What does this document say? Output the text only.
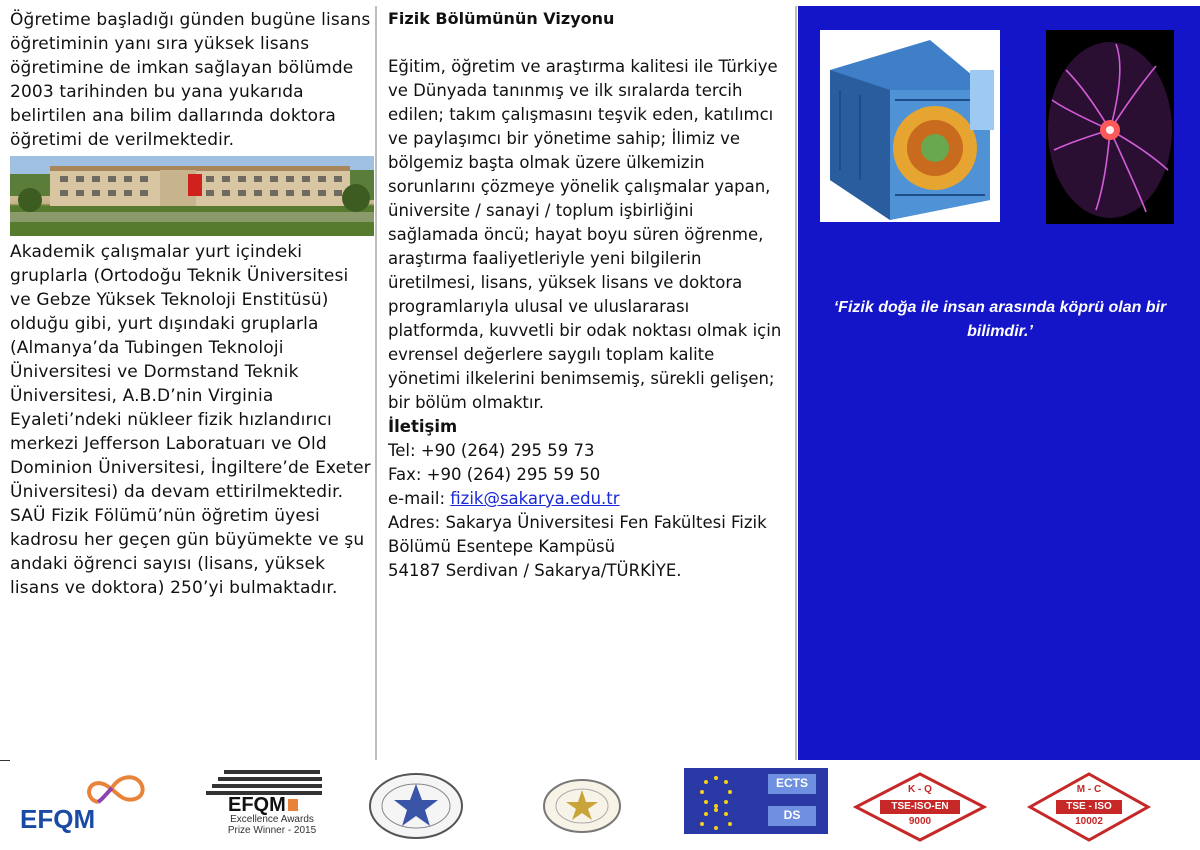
Öğretime başladığı günden bugüne lisans öğretiminin yanı sıra yüksek lisans öğretimine de imkan sağlayan bölümde 2003 tarihinden bu yana yukarıda belirtilen ana bilim dallarında doktora öğretimi de verilmektedir.

Akademik çalışmalar yurt içindeki gruplarla (Ortodoğu Teknik Üniversitesi ve Gebze Yüksek Teknoloji Enstitüsü) olduğu gibi, yurt dışındaki gruplarla (Almanya’da Tubingen Teknoloji Üniversitesi ve Dormstand Teknik Üniversitesi, A.B.D’nin Virginia Eyaleti’ndeki nükleer fizik hızlandırıcı merkezi Jefferson Laboratuarı ve Old Dominion Üniversitesi, İngiltere’de Exeter Üniversitesi) da devam ettirilmektedir. SAÜ Fizik Fölümü’nün öğretim üyesi kadrosu her geçen gün büyümekte ve şu andaki öğrenci sayısı (lisans, yüksek lisans ve doktora) 250’yi bulmaktadır.

Fizik Bölümünün Vizyonu

Eğitim, öğretim ve araştırma kalitesi ile Türkiye ve Dünyada tanınmış ve ilk sıralarda tercih edilen; takım çalışmasını teşvik eden, katılımcı ve paylaşımcı bir yönetime sahip; İlimiz ve bölgemiz başta olmak üzere ülkemizin sorunlarını çözmeye yönelik çalışmalar yapan, üniversite / sanayi / toplum işbirliğini sağlamada öncü; hayat boyu süren öğrenme, araştırma faaliyetleriyle yeni bilgilerin üretilmesi, lisans, yüksek lisans ve doktora programlarıyla ulusal ve uluslararası platformda, kuvvetli bir odak noktası olmak için evrensel değerlere saygılı toplam kalite yönetimi ilkelerini benimsemiş, sürekli gelişen; bir bölüm olmaktır.

İletişim

Tel: +90 (264) 295 59 73

Fax: +90 (264) 295 59 50

e-mail: fizik@sakarya.edu.tr

Adres: Sakarya Üniversitesi Fen Fakültesi Fizik Bölümü Esentepe Kampüsü

54187 Serdivan / Sakarya/TÜRKİYE.

‘Fizik doğa ile insan arasında köprü olan bir bilimdir.’
EFQM	EFQM
Excellence Awards
Prize Winner - 2015
ECTS
DS
K - Q
TSE-ISO-EN
9000
M - C
TSE - ISO
10002
